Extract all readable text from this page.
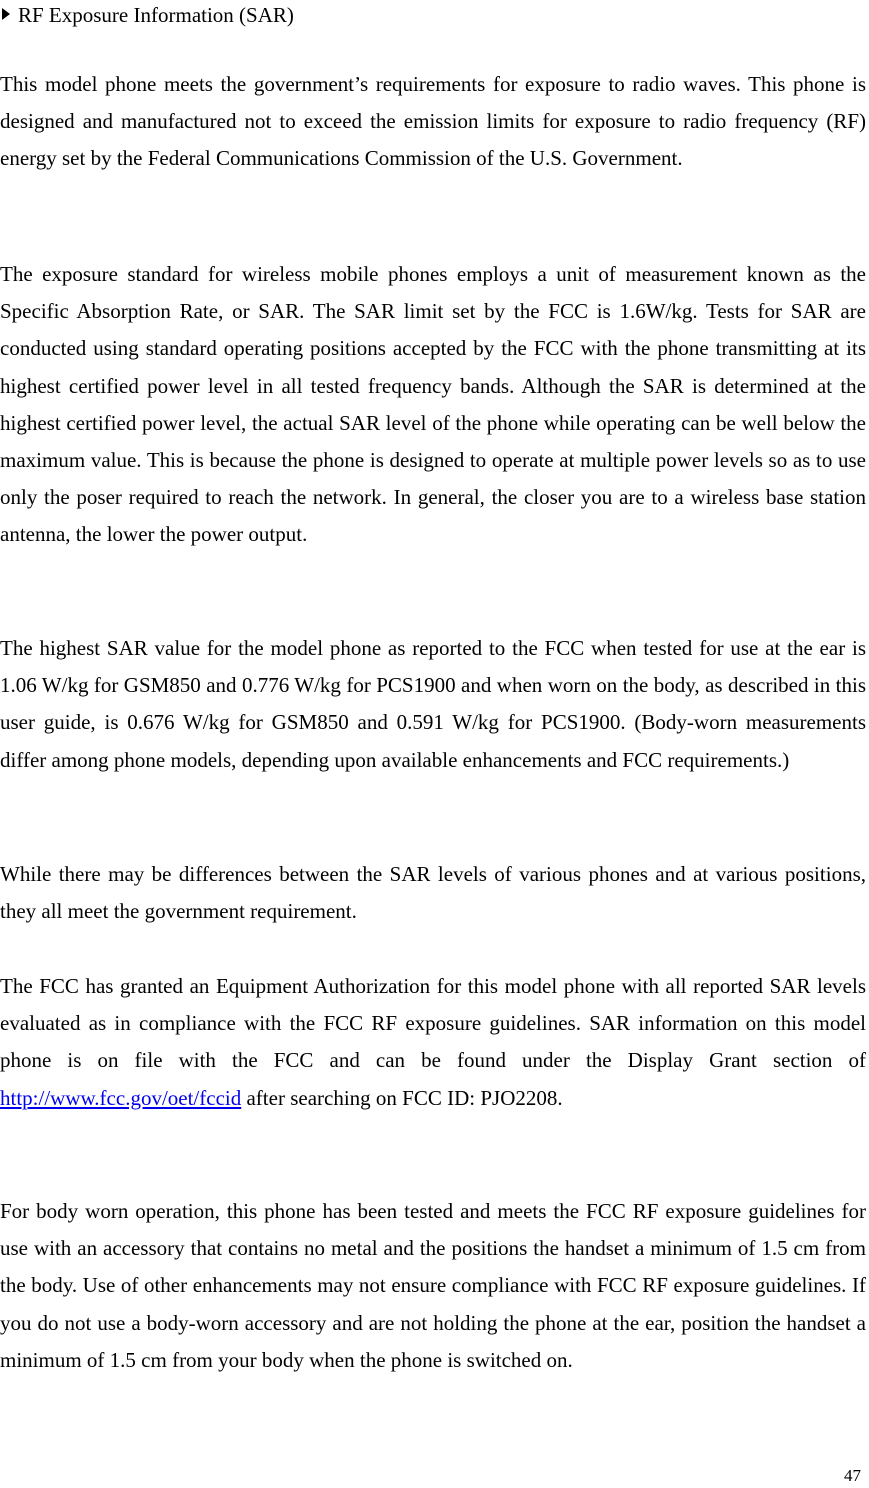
RF Exposure Information (SAR)
This model phone meets the government’s requirements for exposure to radio waves. This phone is designed and manufactured not to exceed the emission limits for exposure to radio frequency (RF) energy set by the Federal Communications Commission of the U.S. Government.
The exposure standard for wireless mobile phones employs a unit of measurement known as the Specific Absorption Rate, or SAR. The SAR limit set by the FCC is 1.6W/kg. Tests for SAR are conducted using standard operating positions accepted by the FCC with the phone transmitting at its highest certified power level in all tested frequency bands. Although the SAR is determined at the highest certified power level, the actual SAR level of the phone while operating can be well below the maximum value. This is because the phone is designed to operate at multiple power levels so as to use only the poser required to reach the network. In general, the closer you are to a wireless base station antenna, the lower the power output.
The highest SAR value for the model phone as reported to the FCC when tested for use at the ear is 1.06 W/kg for GSM850 and 0.776 W/kg for PCS1900 and when worn on the body, as described in this user guide, is 0.676 W/kg for GSM850 and 0.591 W/kg for PCS1900. (Body-worn measurements differ among phone models, depending upon available enhancements and FCC requirements.)
While there may be differences between the SAR levels of various phones and at various positions, they all meet the government requirement.
The FCC has granted an Equipment Authorization for this model phone with all reported SAR levels evaluated as in compliance with the FCC RF exposure guidelines. SAR information on this model phone is on file with the FCC and can be found under the Display Grant section of http://www.fcc.gov/oet/fccid after searching on FCC ID: PJO2208.
For body worn operation, this phone has been tested and meets the FCC RF exposure guidelines for use with an accessory that contains no metal and the positions the handset a minimum of 1.5 cm from the body. Use of other enhancements may not ensure compliance with FCC RF exposure guidelines. If you do not use a body-worn accessory and are not holding the phone at the ear, position the handset a minimum of 1.5 cm from your body when the phone is switched on.
47
